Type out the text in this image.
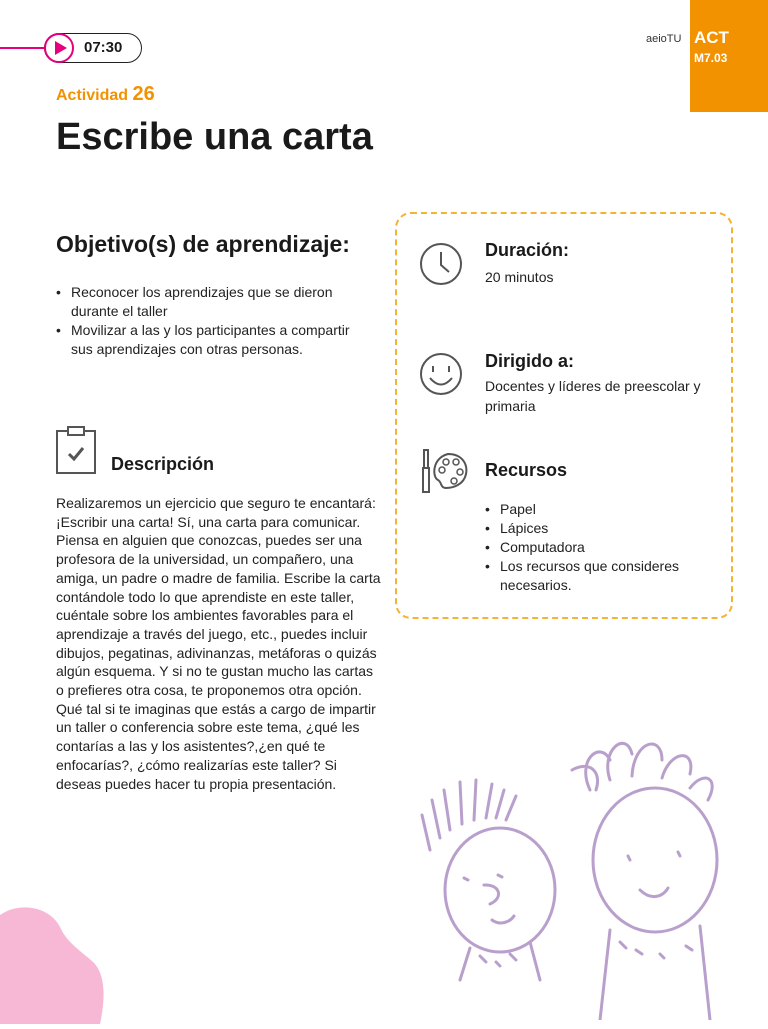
07:30	aeioTU ACT
M7.03
Actividad 26
Escribe una carta
Objetivo(s) de aprendizaje:
• Reconocer los aprendizajes que se dieron durante el taller
• Movilizar a las y los participantes a compartir sus aprendizajes con otras personas.
Descripción

Realizaremos un ejercicio que seguro te encantará: ¡Escribir una carta! Sí, una carta para comunicar. Piensa en alguien que conozcas, puedes ser una profesora de la universidad, un compañero, una amiga, un padre o madre de familia. Escribe la carta contándole todo lo que aprendiste en este taller, cuéntale sobre los ambientes favorables para el aprendizaje a través del juego, etc., puedes incluir dibujos, pegatinas, adivinanzas, metáforas o quizás algún esquema. Y si no te gustan mucho las cartas o prefieres otra cosa, te proponemos otra opción. Qué tal si te imaginas que estás a cargo de impartir un taller o conferencia sobre este tema, ¿qué les contarías a las y los asistentes?,¿en qué te enfocarías?, ¿cómo realizarías este taller? Si deseas puedes hacer tu propia presentación.

Duración:

20 minutos

Dirigido a:

Docentes y líderes de preescolar y primaria

Recursos
• Papel
• Lápices
• Computadora
• Los recursos que consideres necesarios.
